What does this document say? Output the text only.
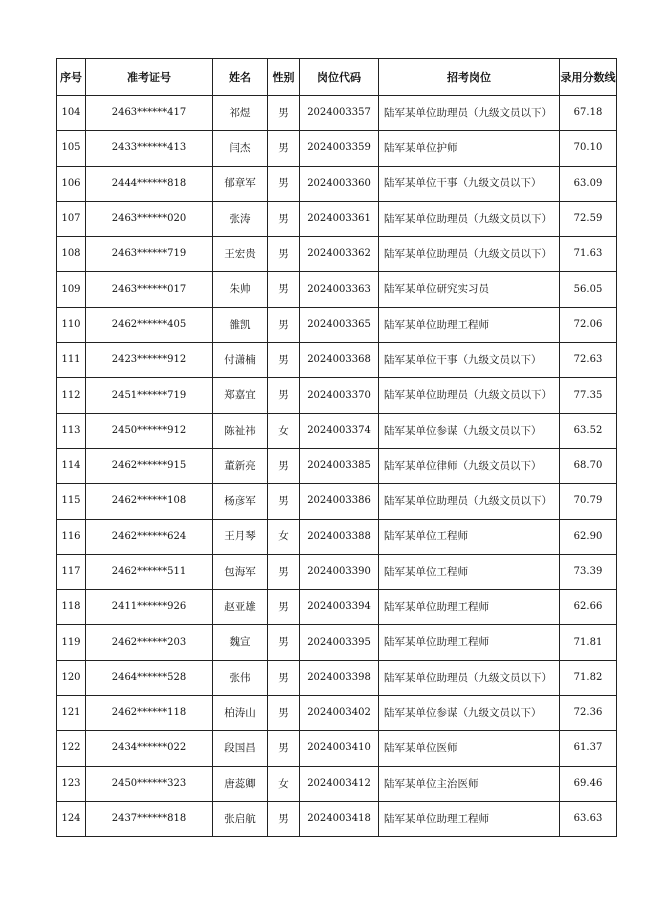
序号	准考证号	姓名	性别	岗位代码	招考岗位	录用分数线
104	2463******417	祁煜	男	2024003357	陆军某单位助理员（九级文员以下）	67.18
105	2433******413	闫杰	男	2024003359	陆军某单位护师	70.10
106	2444******818	郁章军	男	2024003360	陆军某单位干事（九级文员以下）	63.09
107	2463******020	张涛	男	2024003361	陆军某单位助理员（九级文员以下）	72.59
108	2463******719	王宏贵	男	2024003362	陆军某单位助理员（九级文员以下）	71.63
109	2463******017	朱帅	男	2024003363	陆军某单位研究实习员	56.05
110	2462******405	雒凯	男	2024003365	陆军某单位助理工程师	72.06
111	2423******912	付潇楠	男	2024003368	陆军某单位干事（九级文员以下）	72.63
112	2451******719	郑嘉宜	男	2024003370	陆军某单位助理员（九级文员以下）	77.35
113	2450******912	陈祉祎	女	2024003374	陆军某单位参谋（九级文员以下）	63.52
114	2462******915	董新亮	男	2024003385	陆军某单位律师（九级文员以下）	68.70
115	2462******108	杨彦军	男	2024003386	陆军某单位助理员（九级文员以下）	70.79
116	2462******624	王月琴	女	2024003388	陆军某单位工程师	62.90
117	2462******511	包海军	男	2024003390	陆军某单位工程师	73.39
118	2411******926	赵亚雄	男	2024003394	陆军某单位助理工程师	62.66
119	2462******203	魏宣	男	2024003395	陆军某单位助理工程师	71.81
120	2464******528	张伟	男	2024003398	陆军某单位助理员（九级文员以下）	71.82
121	2462******118	柏涛山	男	2024003402	陆军某单位参谋（九级文员以下）	72.36
122	2434******022	段国昌	男	2024003410	陆军某单位医师	61.37
123	2450******323	唐蕊卿	女	2024003412	陆军某单位主治医师	69.46
124	2437******818	张启航	男	2024003418	陆军某单位助理工程师	63.63
